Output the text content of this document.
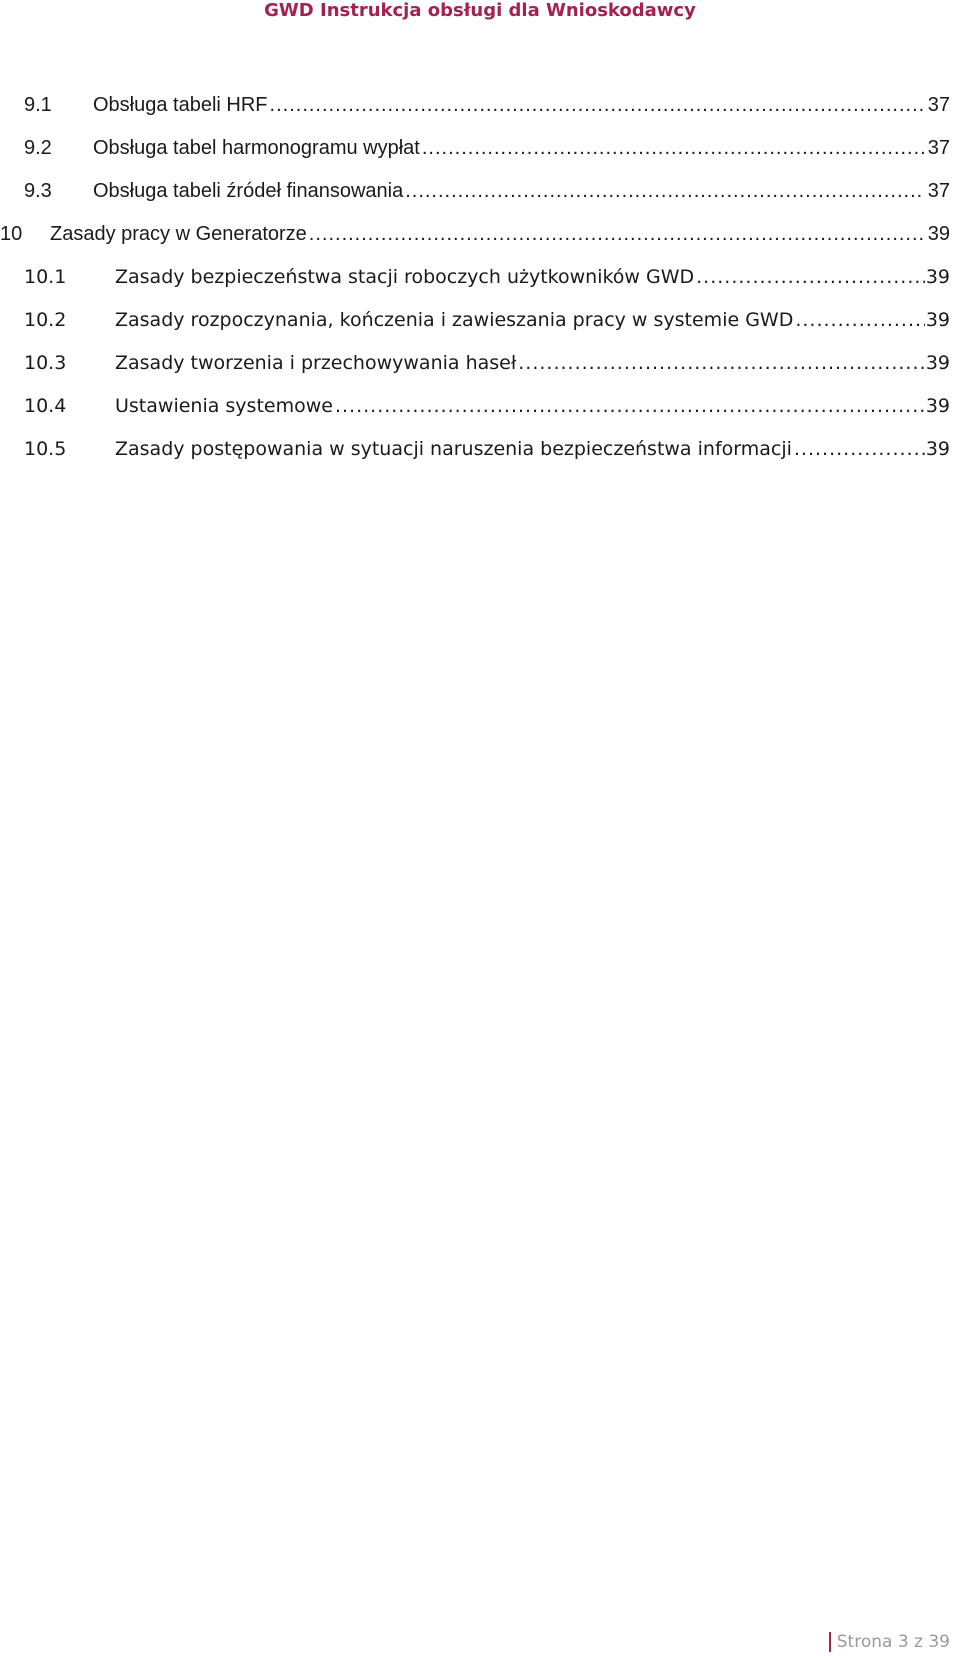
GWD Instrukcja obsługi dla Wnioskodawcy
9.1 Obsługa tabeli HRF .....	37
9.2 Obsługa tabel harmonogramu wypłat .....	37
9.3 Obsługa tabeli źródeł finansowania .....	37
10 Zasady pracy w Generatorze .....	39
10.1	Zasady bezpieczeństwa stacji roboczych użytkowników GWD .....	39
10.2	Zasady rozpoczynania, kończenia i zawieszania pracy w systemie GWD .....	39
10.3	Zasady tworzenia i przechowywania haseł .....	39
10.4	Ustawienia systemowe .....	39
10.5	Zasady postępowania w sytuacji naruszenia bezpieczeństwa informacji .....	39
Strona 3 z 39
